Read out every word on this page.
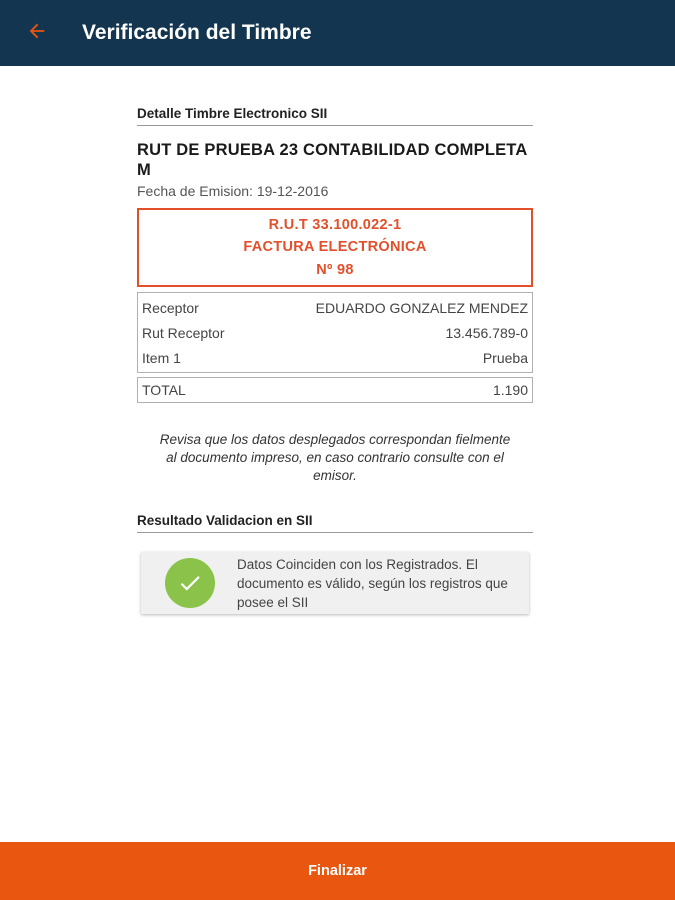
Verificación del Timbre
Detalle Timbre Electronico SII
RUT DE PRUEBA 23 CONTABILIDAD COMPLETA M
Fecha de Emision: 19-12-2016
R.U.T 33.100.022-1
FACTURA ELECTRÓNICA
Nº 98
Receptor	EDUARDO GONZALEZ MENDEZ
Rut Receptor	13.456.789-0
Item 1	Prueba
TOTAL	1.190

Revisa que los datos desplegados correspondan fielmente al documento impreso, en caso contrario consulte con el emisor.

Resultado Validacion en SII
Datos Coinciden con los Registrados. El documento es válido, según los registros que posee el SII
Finalizar
